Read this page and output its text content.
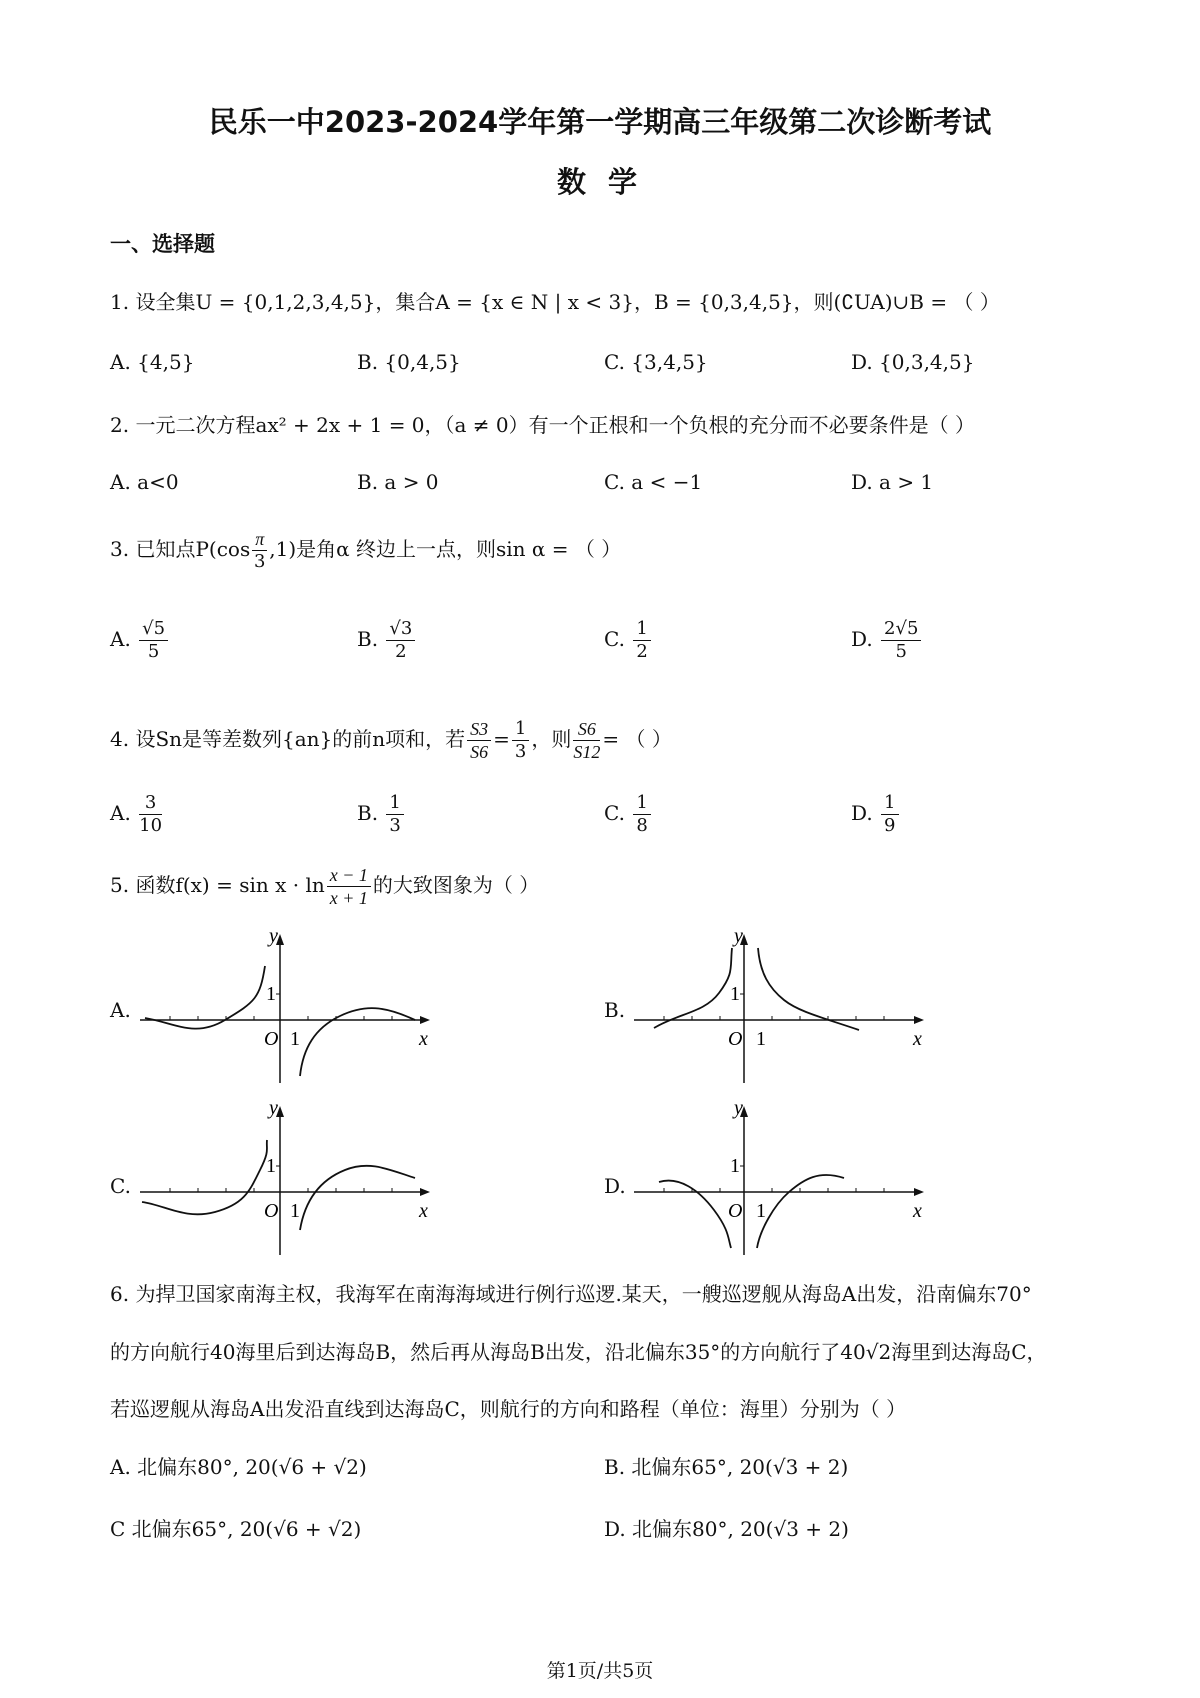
民乐一中2023-2024学年第一学期高三年级第二次诊断考试
数 学
一、选择题
1. 设全集U = {0,1,2,3,4,5}，集合A = {x ∈ N | x < 3}，B = {0,3,4,5}，则(∁UA)∪B = （ ）
A. {4,5}	B. {0,4,5}	C. {3,4,5}	D. {0,3,4,5}
2. 一元二次方程ax² + 2x + 1 = 0，（a ≠ 0）有一个正根和一个负根的充分而不必要条件是（ ）
A. a<0	B. a > 0	C. a < −1	D. a > 1
3. 已知点$P(\cos \frac{\pi}{3} ,1)$是角α 终边上一点，则sin α = （ ）
A. $\frac{√5}{5}$	B. $\frac{√3}{2}$	C. $\frac{1}{2}$	D. $\frac{2√5}{5}$
4. 设Sn是等差数列{an}的前n项和，若 $\frac{S3}{S6} = \frac{1}{3}$ ，则 $\frac{S6}{S12}$ = （ ）
A. $\frac{3}{10}$	B. $\frac{1}{3}$	C. $\frac{1}{8}$	D. $\frac{1}{9}$
5. 函数$f(x) = \sin x \cdot \ln \frac{x - 1}{x + 1}$ 的大致图象为（ ）
A.
y
x
O 1
1
B.
y
x
O 1
1
C.
y
x
O 1
1
D.
y
x
O 1
1
6. 为捍卫国家南海主权，我海军在南海海域进行例行巡逻.某天，一艘巡逻舰从海岛A出发，沿南偏东70°
的方向航行40海里后到达海岛B，然后再从海岛B出发，沿北偏东35°的方向航行了40√2海里到达海岛C，
若巡逻舰从海岛A出发沿直线到达海岛C，则航行的方向和路程（单位：海里）分别为（ ）
A. 北偏东80°, 20(√6 + √2)	B. 北偏东65°, 20(√3 + 2)
C 北偏东65°, 20(√6 + √2)	D. 北偏东80°, 20(√3 + 2)
第1页/共5页
